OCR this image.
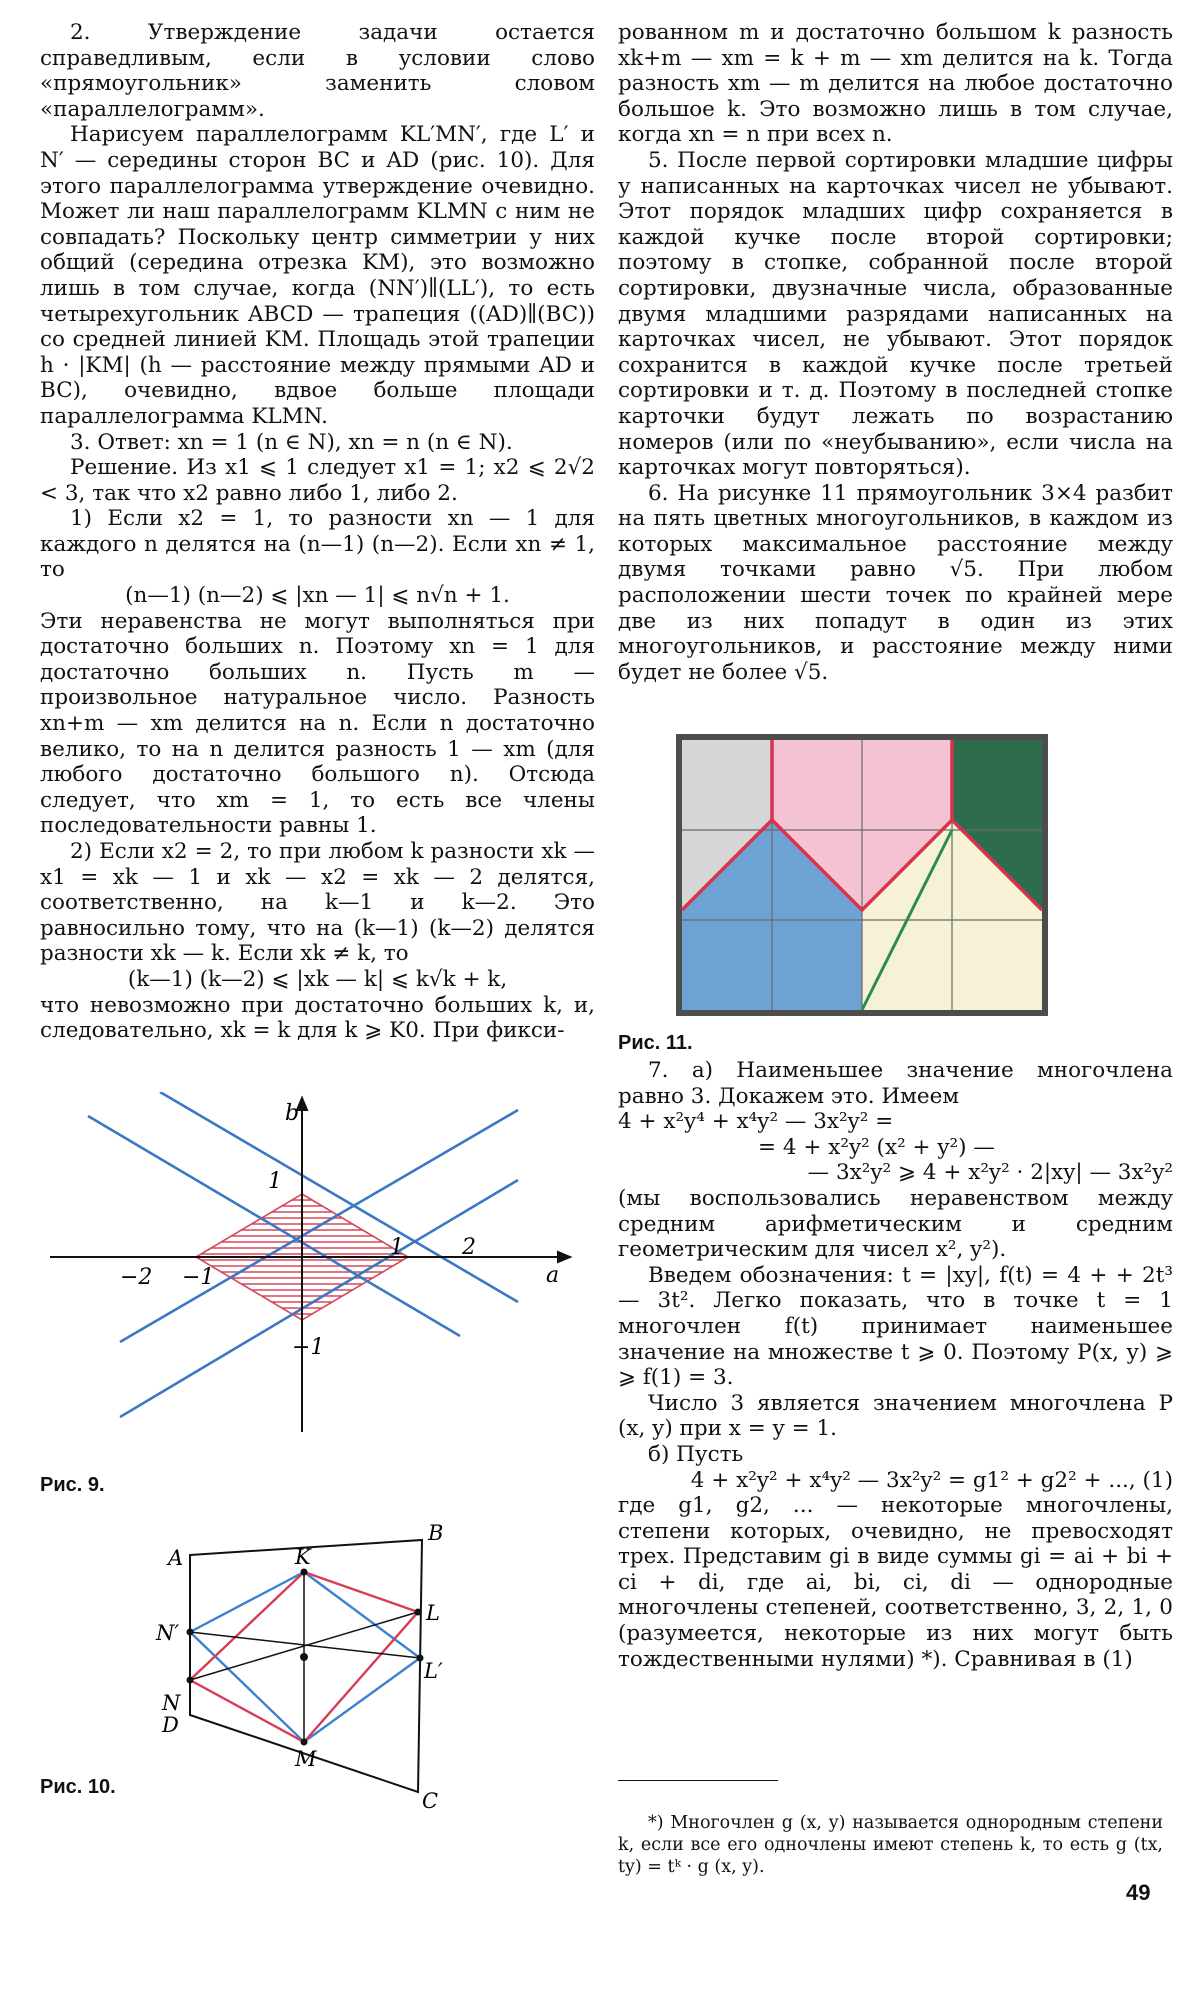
2. Утверждение задачи остается справедливым, если в условии слово «прямоугольник» заменить словом «параллелограмм».

Нарисуем параллелограмм KL′MN′, где L′ и N′ — середины сторон BC и AD (рис. 10). Для этого параллелограмма утверждение очевидно. Может ли наш параллелограмм KLMN с ним не совпадать? Поскольку центр симметрии у них общий (середина отрезка KM), это возможно лишь в том случае, когда (NN′)∥(LL′), то есть четырехугольник ABCD — трапеция ((AD)∥(BC)) со средней линией KM. Площадь этой трапеции h · |KM| (h — расстояние между прямыми AD и BC), очевидно, вдвое больше площади параллелограмма KLMN.

3. Ответ: xn = 1 (n ∈ N), xn = n (n ∈ N).

Решение. Из x1 ⩽ 1 следует x1 = 1; x2 ⩽ 2√2 < 3, так что x2 равно либо 1, либо 2.

1) Если x2 = 1, то разности xn — 1 для каждого n делятся на (n—1) (n—2). Если xn ≠ 1, то

(n—1) (n—2) ⩽ |xn — 1| ⩽ n√n + 1.

Эти неравенства не могут выполняться при достаточно больших n. Поэтому xn = 1 для достаточно больших n. Пусть m — произвольное натуральное число. Разность xn+m — xm делится на n. Если n достаточно велико, то на n делится разность 1 — xm (для любого достаточно большого n). Отсюда следует, что xm = 1, то есть все члены последовательности равны 1.

2) Если x2 = 2, то при любом k разности xk — x1 = xk — 1 и xk — x2 = xk — 2 делятся, соответственно, на k—1 и k—2. Это равносильно тому, что на (k—1) (k—2) делятся разности xk — k. Если xk ≠ k, то

(k—1) (k—2) ⩽ |xk — k| ⩽ k√k + k,

что невозможно при достаточно больших k, и, следовательно, xk = k для k ⩾ K0. При фикси-

рованном m и достаточно большом k разность xk+m — xm = k + m — xm делится на k. Тогда разность xm — m делится на любое достаточно большое k. Это возможно лишь в том случае, когда xn = n при всех n.

5. После первой сортировки младшие цифры у написанных на карточках чисел не убывают. Этот порядок младших цифр сохраняется в каждой кучке после второй сортировки; поэтому в стопке, собранной после второй сортировки, двузначные числа, образованные двумя младшими разрядами написанных на карточках чисел, не убывают. Этот порядок сохранится в каждой кучке после третьей сортировки и т. д. Поэтому в последней стопке карточки будут лежать по возрастанию номеров (или по «неубыванию», если числа на карточках могут повторяться).

6. На рисунке 11 прямоугольник 3×4 разбит на пять цветных многоугольников, в каждом из которых максимальное расстояние между двумя точками равно √5. При любом расположении шести точек по крайней мере две из них попадут в один из этих многоугольников, и расстояние между ними будет не более √5.

7. а) Наименьшее значение многочлена равно 3. Докажем это. Имеем

4 + x²y⁴ + x⁴y² — 3x²y² =

= 4 + x²y² (x² + y²) —

— 3x²y² ⩾ 4 + x²y² · 2|xy| — 3x²y²

(мы воспользовались неравенством между средним арифметическим и средним геометрическим для чисел x², y²).

Введем обозначения: t = |xy|, f(t) = 4 + + 2t³ — 3t². Легко показать, что в точке t = 1 многочлен f(t) принимает наименьшее значение на множестве t ⩾ 0. Поэтому P(x, y) ⩾ ⩾ f(1) = 3.

Число 3 является значением многочлена P (x, y) при x = y = 1.

б) Пусть

4 + x²y² + x⁴y² — 3x²y² = g1² + g2² + ..., (1)

где g1, g2, ... — некоторые многочлены, степени которых, очевидно, не превосходят трех. Представим gi в виде суммы gi = ai + bi + ci + di, где ai, bi, ci, di — однородные многочлены степеней, соответственно, 3, 2, 1, 0 (разумеется, некоторые из них могут быть тождественными нулями) *). Сравнивая в (1)

b
a
1
−1
−2 −1
1	2
Рис. 9.
A
B
C
D
K
L
L′
M
N
N′
Рис. 10.
Рис. 11.

*) Многочлен g (x, y) называется однородным степени k, если все его одночлены имеют степень k, то есть g (tx, ty) = tᵏ · g (x, y).

49
